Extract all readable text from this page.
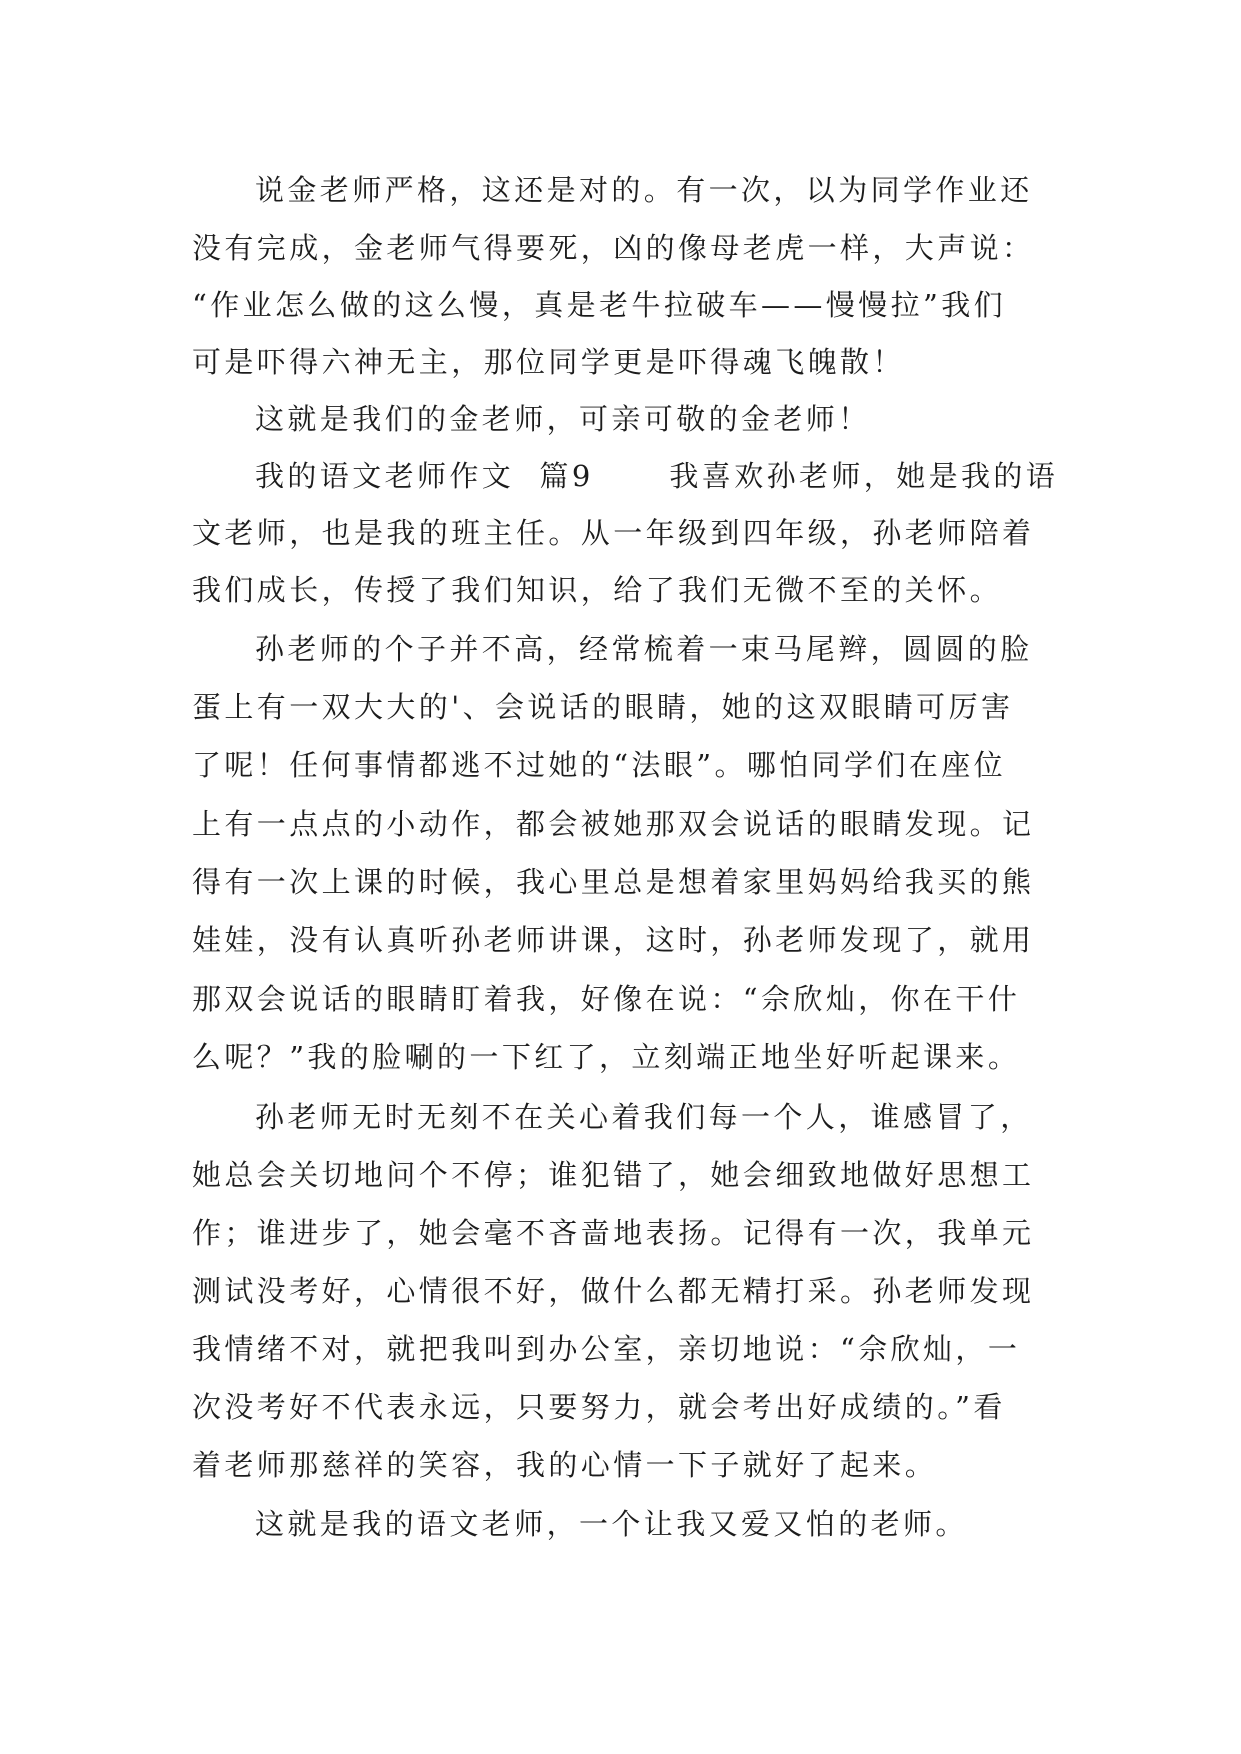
说金老师严格，这还是对的。有一次，以为同学作业还
没有完成，金老师气得要死，凶的像母老虎一样，大声说：
“作业怎么做的这么慢，真是老牛拉破车——慢慢拉”我们
可是吓得六神无主，那位同学更是吓得魂飞魄散！
这就是我们的金老师，可亲可敬的金老师！
我的语文老师作文  篇9      我喜欢孙老师，她是我的语
文老师，也是我的班主任。从一年级到四年级，孙老师陪着
我们成长，传授了我们知识，给了我们无微不至的关怀。
孙老师的个子并不高，经常梳着一束马尾辫，圆圆的脸
蛋上有一双大大的'、会说话的眼睛，她的这双眼睛可厉害
了呢！任何事情都逃不过她的“法眼”。哪怕同学们在座位
上有一点点的小动作，都会被她那双会说话的眼睛发现。记
得有一次上课的时候，我心里总是想着家里妈妈给我买的熊
娃娃，没有认真听孙老师讲课，这时，孙老师发现了，就用
那双会说话的眼睛盯着我，好像在说：“佘欣灿，你在干什
么呢？”我的脸唰的一下红了，立刻端正地坐好听起课来。
孙老师无时无刻不在关心着我们每一个人，谁感冒了，
她总会关切地问个不停；谁犯错了，她会细致地做好思想工
作；谁进步了，她会毫不吝啬地表扬。记得有一次，我单元
测试没考好，心情很不好，做什么都无精打采。孙老师发现
我情绪不对，就把我叫到办公室，亲切地说：“佘欣灿，一
次没考好不代表永远，只要努力，就会考出好成绩的。”看
着老师那慈祥的笑容，我的心情一下子就好了起来。
这就是我的语文老师，一个让我又爱又怕的老师。
